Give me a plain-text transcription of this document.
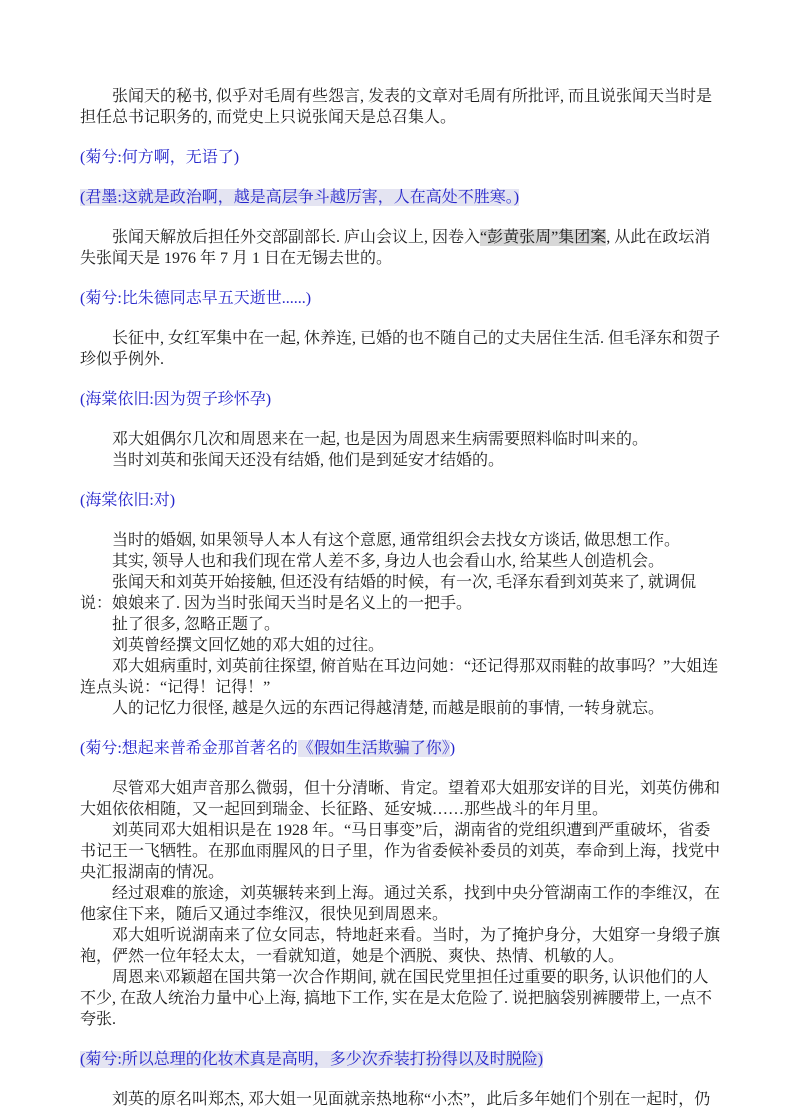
张闻天的秘书, 似乎对毛周有些怨言, 发表的文章对毛周有所批评, 而且说张闻天当时是担任总书记职务的, 而党史上只说张闻天是总召集人。

(菊兮:何方啊，无语了)

(君墨:这就是政治啊，越是高层争斗越厉害，人在高处不胜寒。)

张闻天解放后担任外交部副部长. 庐山会议上, 因卷入“彭黄张周”集团案, 从此在政坛消失张闻天是 1976 年 7 月 1 日在无锡去世的。

(菊兮:比朱德同志早五天逝世......)

长征中, 女红军集中在一起, 休养连, 已婚的也不随自己的丈夫居住生活. 但毛泽东和贺子珍似乎例外.

(海棠依旧:因为贺子珍怀孕)

邓大姐偶尔几次和周恩来在一起, 也是因为周恩来生病需要照料临时叫来的。

当时刘英和张闻天还没有结婚, 他们是到延安才结婚的。

(海棠依旧:对)

当时的婚姻, 如果领导人本人有这个意愿, 通常组织会去找女方谈话, 做思想工作。

其实, 领导人也和我们现在常人差不多, 身边人也会看山水, 给某些人创造机会。

张闻天和刘英开始接触, 但还没有结婚的时候，有一次, 毛泽东看到刘英来了, 就调侃说：娘娘来了. 因为当时张闻天当时是名义上的一把手。

扯了很多, 忽略正题了。

刘英曾经撰文回忆她的邓大姐的过往。

邓大姐病重时, 刘英前往探望, 俯首贴在耳边问她：“还记得那双雨鞋的故事吗？”大姐连连点头说：“记得！记得！”

人的记忆力很怪, 越是久远的东西记得越清楚, 而越是眼前的事情, 一转身就忘。

(菊兮:想起来普希金那首著名的《假如生活欺骗了你》)

尽管邓大姐声音那么微弱，但十分清晰、肯定。望着邓大姐那安详的目光，刘英仿佛和大姐依依相随，又一起回到瑞金、长征路、延安城……那些战斗的年月里。

刘英同邓大姐相识是在 1928 年。“马日事变”后，湖南省的党组织遭到严重破坏，省委书记王一飞牺牲。在那血雨腥风的日子里，作为省委候补委员的刘英，奉命到上海，找党中央汇报湖南的情况。

经过艰难的旅途，刘英辗转来到上海。通过关系，找到中央分管湖南工作的李维汉，在他家住下来，随后又通过李维汉，很快见到周恩来。

邓大姐听说湖南来了位女同志，特地赶来看。当时，为了掩护身分，大姐穿一身缎子旗袍，俨然一位年轻太太，一看就知道，她是个洒脱、爽快、热情、机敏的人。

周恩来\邓颖超在国共第一次合作期间, 就在国民党里担任过重要的职务, 认识他们的人不少, 在敌人统治力量中心上海, 搞地下工作, 实在是太危险了. 说把脑袋别裤腰带上, 一点不夸张.

(菊兮:所以总理的化妆术真是高明，多少次乔装打扮得以及时脱险)

刘英的原名叫郑杰, 邓大姐一见面就亲热地称“小杰”，此后多年她们个别在一起时，仍
